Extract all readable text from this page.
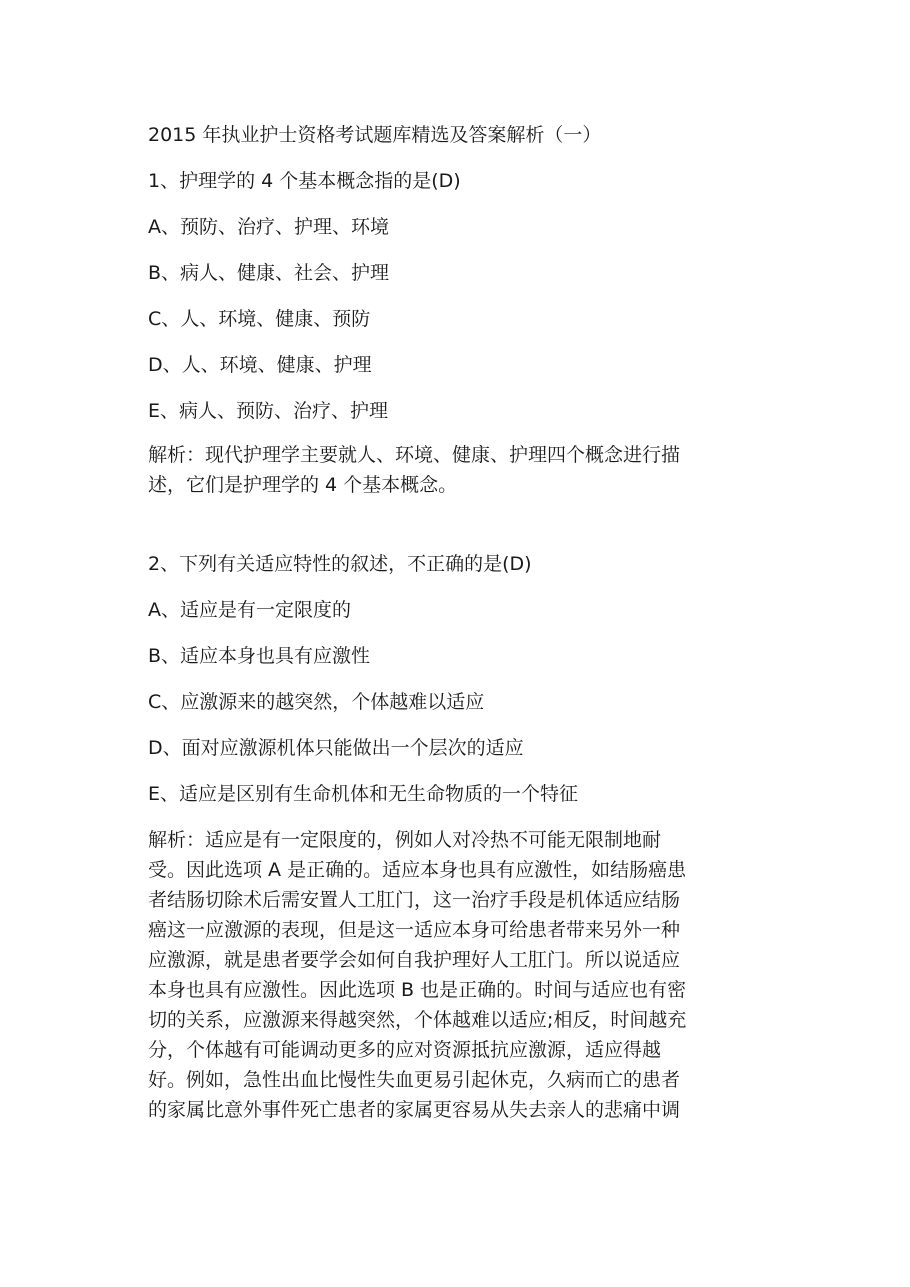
2015 年执业护士资格考试题库精选及答案解析（一）

1、护理学的 4 个基本概念指的是(D)

A、预防、治疗、护理、环境

B、病人、健康、社会、护理

C、人、环境、健康、预防

D、人、环境、健康、护理

E、病人、预防、治疗、护理

解析：现代护理学主要就人、环境、健康、护理四个概念进行描
述，它们是护理学的 4 个基本概念。

2、下列有关适应特性的叙述，不正确的是(D)

A、适应是有一定限度的

B、适应本身也具有应激性

C、应激源来的越突然，个体越难以适应

D、面对应激源机体只能做出一个层次的适应

E、适应是区别有生命机体和无生命物质的一个特征

解析：适应是有一定限度的，例如人对冷热不可能无限制地耐
受。因此选项 A 是正确的。适应本身也具有应激性，如结肠癌患
者结肠切除术后需安置人工肛门，这一治疗手段是机体适应结肠
癌这一应激源的表现，但是这一适应本身可给患者带来另外一种
应激源，就是患者要学会如何自我护理好人工肛门。所以说适应
本身也具有应激性。因此选项 B 也是正确的。时间与适应也有密
切的关系，应激源来得越突然，个体越难以适应;相反，时间越充
分，个体越有可能调动更多的应对资源抵抗应激源，适应得越
好。例如，急性出血比慢性失血更易引起休克，久病而亡的患者
的家属比意外事件死亡患者的家属更容易从失去亲人的悲痛中调
